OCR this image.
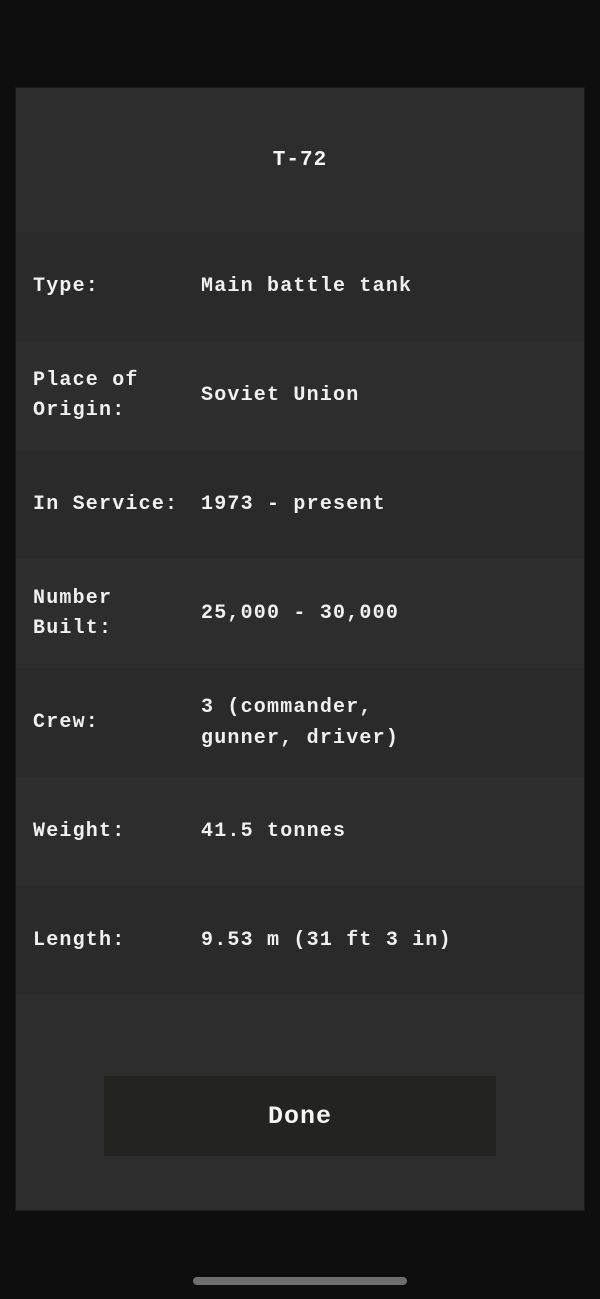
T-72
Type:	Main battle tank
Place of
Origin:
Soviet Union
In Service:	1973 - present
Number
Built:
25,000 - 30,000
Crew:
3 (commander,
gunner, driver)
Weight:	41.5 tonnes
Length:	9.53 m (31 ft 3 in)
Done
